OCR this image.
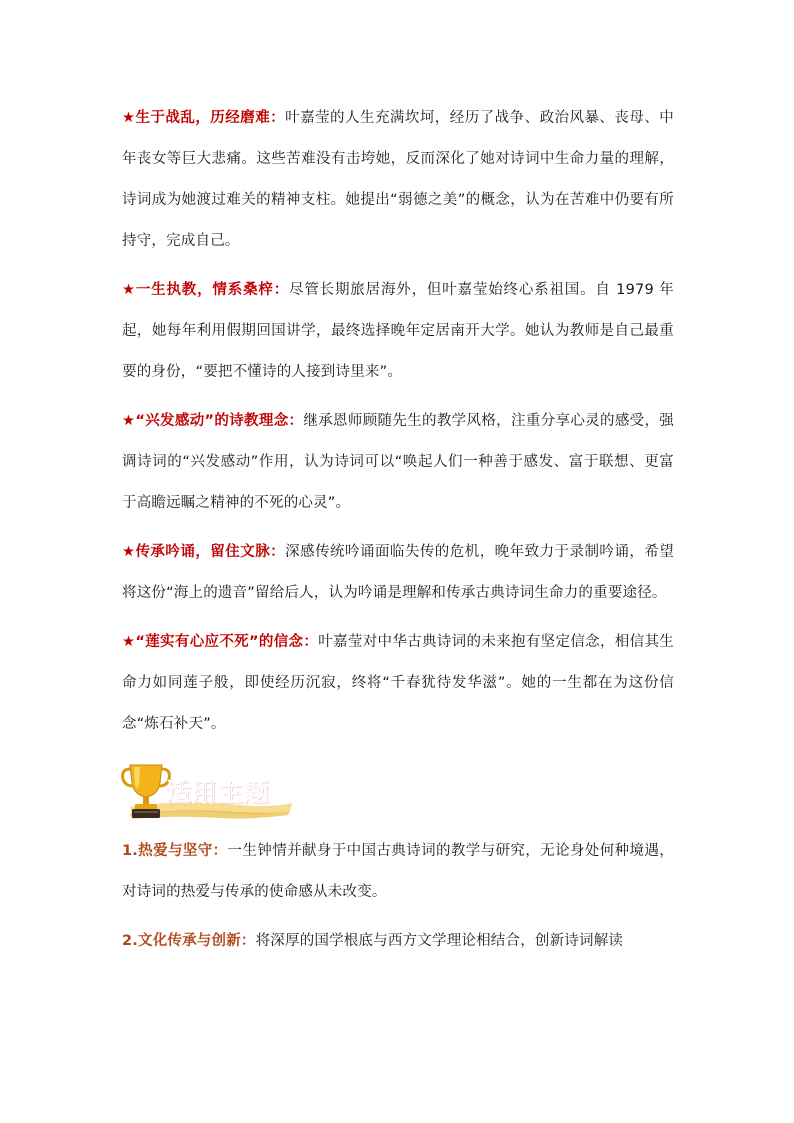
★生于战乱，历经磨难：叶嘉莹的人生充满坎坷，经历了战争、政治风暴、丧母、中年丧女等巨大悲痛。这些苦难没有击垮她，反而深化了她对诗词中生命力量的理解，诗词成为她渡过难关的精神支柱。她提出“弱德之美”的概念，认为在苦难中仍要有所持守，完成自己。

★一生执教，情系桑梓：尽管长期旅居海外，但叶嘉莹始终心系祖国。自 1979 年起，她每年利用假期回国讲学，最终选择晚年定居南开大学。她认为教师是自己最重要的身份，“要把不懂诗的人接到诗里来”。

★“兴发感动”的诗教理念：继承恩师顾随先生的教学风格，注重分享心灵的感受，强调诗词的“兴发感动”作用，认为诗词可以“唤起人们一种善于感发、富于联想、更富于高瞻远瞩之精神的不死的心灵”。

★传承吟诵，留住文脉：深感传统吟诵面临失传的危机，晚年致力于录制吟诵，希望将这份“海上的遗音”留给后人，认为吟诵是理解和传承古典诗词生命力的重要途径。

★“莲实有心应不死”的信念：叶嘉莹对中华古典诗词的未来抱有坚定信念，相信其生命力如同莲子般，即使经历沉寂，终将“千春犹待发华滋”。她的一生都在为这份信念“炼石补天”。

适用主题

1.热爱与坚守：一生钟情并献身于中国古典诗词的教学与研究，无论身处何种境遇，对诗词的热爱与传承的使命感从未改变。

2.文化传承与创新：将深厚的国学根底与西方文学理论相结合，创新诗词解读
